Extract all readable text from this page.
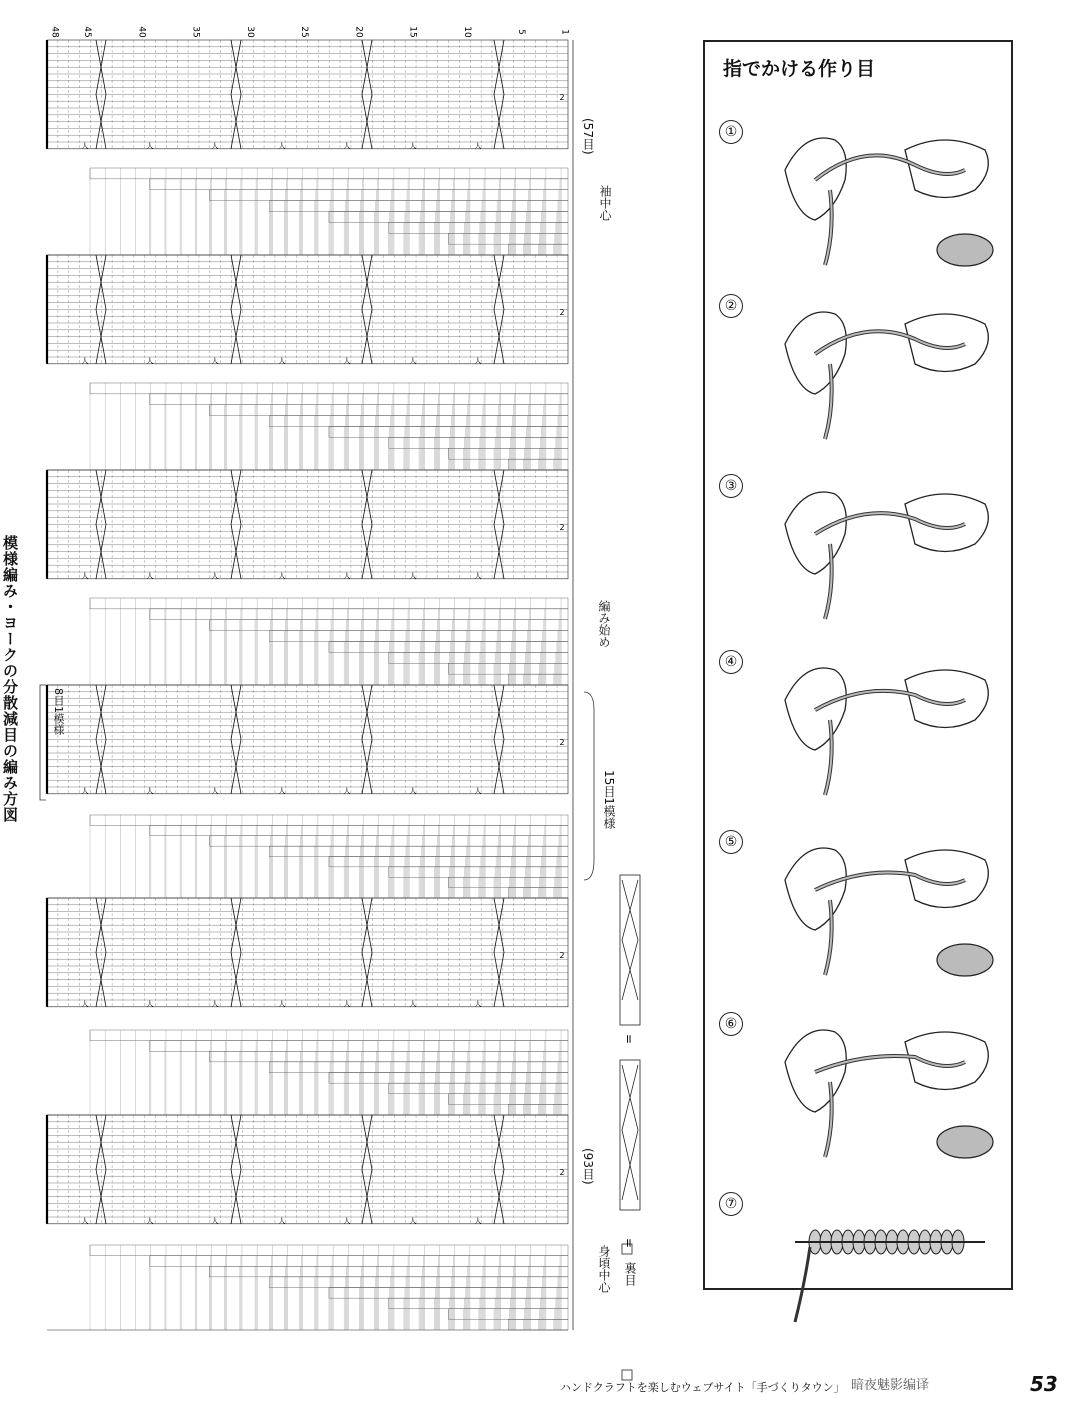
48	45	40	35	30	25	20	15	10	5	1
人	人	人	人	人	人	人
2
人	人	人	人	人	人	人
2
人	人	人	人	人	人	人
2
人	人	人	人	人	人	人
2
人	人	人	人	人	人	人
2
人	人	人	人	人	人	人
2
模様編み・ヨークの分散減目の編み方図
(57目)
袖中心
編み始め
8目1模様
15目1模様
(93目)
身頃中心 裏目
=
=
指でかける作り目
①
②
③
④
⑤
⑥
⑦
ハンドクラフトを楽しむウェブサイト「手づくりタウン」 暗夜魅影编译	53
